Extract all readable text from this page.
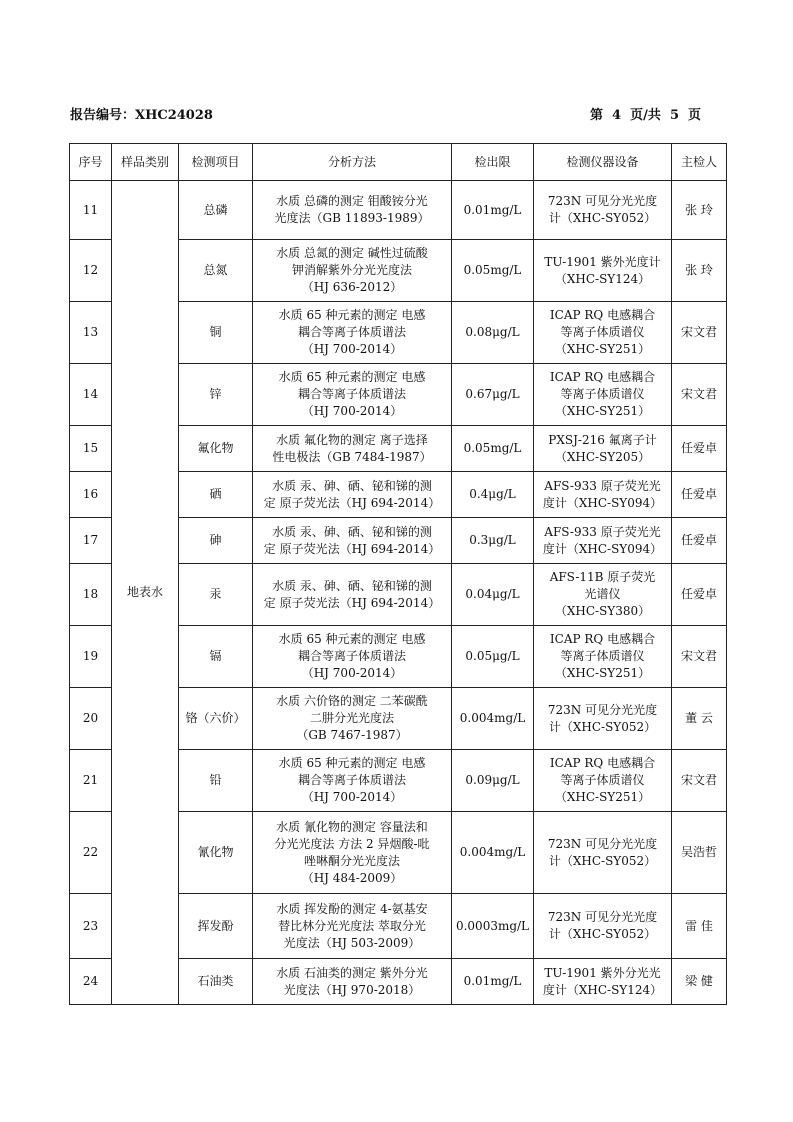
报告编号：XHC24028	第  4  页/共  5  页
序号	样品类别	检测项目	分析方法	检出限	检测仪器设备	主检人
11	地表水	总磷	水质 总磷的测定 钼酸铵分光
光度法（GB 11893-1989）	0.01mg/L	723N 可见分光光度
计（XHC-SY052）	张 玲
12		总氮	水质 总氮的测定 碱性过硫酸
钾消解紫外分光光度法
（HJ 636-2012）	0.05mg/L	TU-1901 紫外光度计
（XHC-SY124）	张 玲
13		铜	水质 65 种元素的测定 电感
耦合等离子体质谱法
（HJ 700-2014）	0.08μg/L	ICAP RQ 电感耦合
等离子体质谱仪
（XHC-SY251）	宋文君
14		锌	水质 65 种元素的测定 电感
耦合等离子体质谱法
（HJ 700-2014）	0.67μg/L	ICAP RQ 电感耦合
等离子体质谱仪
（XHC-SY251）	宋文君
15		氟化物	水质 氟化物的测定 离子选择
性电极法（GB 7484-1987）	0.05mg/L	PXSJ-216 氟离子计
（XHC-SY205）	任爱卓
16		硒	水质 汞、砷、硒、铋和锑的测
定 原子荧光法（HJ 694-2014）	0.4μg/L	AFS-933 原子荧光光
度计（XHC-SY094）	任爱卓
17		砷	水质 汞、砷、硒、铋和锑的测
定 原子荧光法（HJ 694-2014）	0.3μg/L	AFS-933 原子荧光光
度计（XHC-SY094）	任爱卓
18		汞	水质 汞、砷、硒、铋和锑的测
定 原子荧光法（HJ 694-2014）	0.04μg/L	AFS-11B 原子荧光
光谱仪
（XHC-SY380）	任爱卓
19		镉	水质 65 种元素的测定 电感
耦合等离子体质谱法
（HJ 700-2014）	0.05μg/L	ICAP RQ 电感耦合
等离子体质谱仪
（XHC-SY251）	宋文君
20		铬（六价）	水质 六价铬的测定 二苯碳酰
二肼分光光度法
（GB 7467-1987）	0.004mg/L	723N 可见分光光度
计（XHC-SY052）	董 云
21		铅	水质 65 种元素的测定 电感
耦合等离子体质谱法
（HJ 700-2014）	0.09μg/L	ICAP RQ 电感耦合
等离子体质谱仪
（XHC-SY251）	宋文君
22		氰化物	水质 氰化物的测定 容量法和
分光光度法 方法 2 异烟酸-吡
唑啉酮分光光度法
（HJ 484-2009）	0.004mg/L	723N 可见分光光度
计（XHC-SY052）	吴浩哲
23		挥发酚	水质 挥发酚的测定 4-氨基安
替比林分光光度法 萃取分光
光度法（HJ 503-2009）	0.0003mg/L	723N 可见分光光度
计（XHC-SY052）	雷 佳
24		石油类	水质 石油类的测定 紫外分光
光度法（HJ 970-2018）	0.01mg/L	TU-1901 紫外分光光
度计（XHC-SY124）	梁 健
